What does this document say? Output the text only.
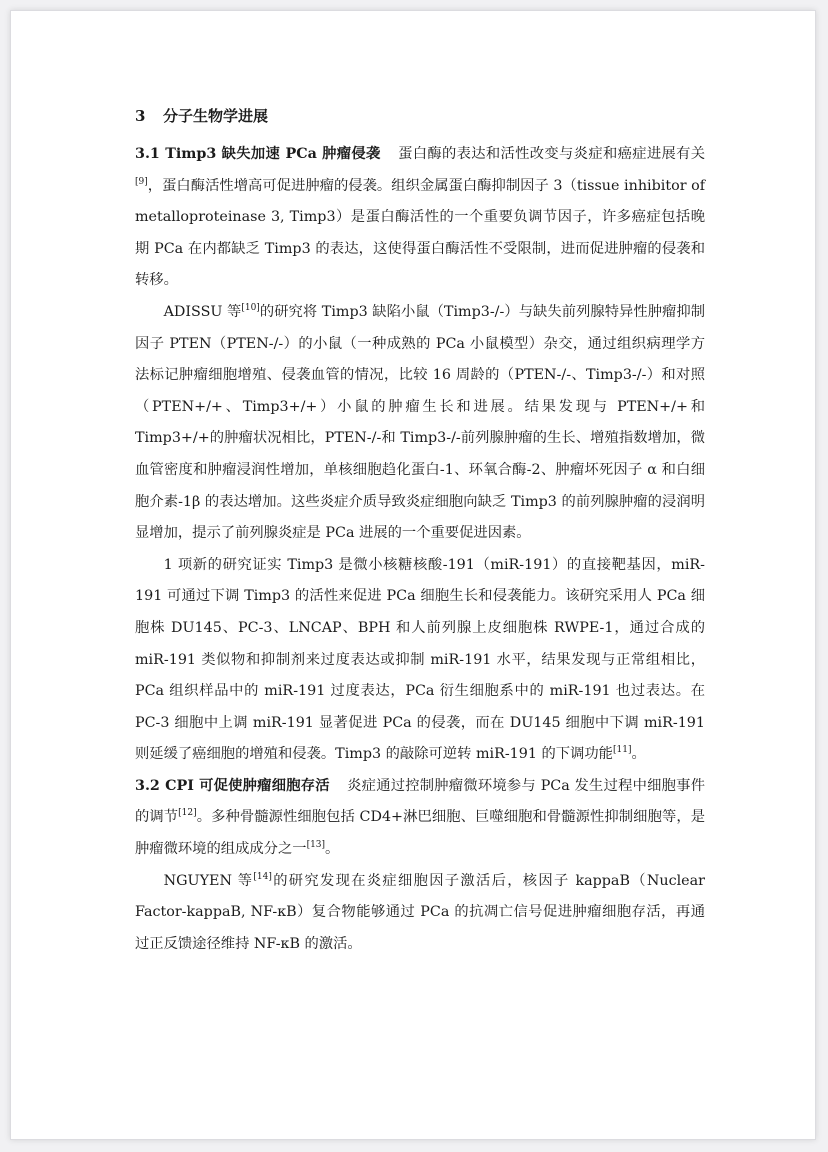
3 分子生物学进展

3.1 Timp3 缺失加速 PCa 肿瘤侵袭 蛋白酶的表达和活性改变与炎症和癌症进展有关[9]，蛋白酶活性增高可促进肿瘤的侵袭。组织金属蛋白酶抑制因子 3（tissue inhibitor of metalloproteinase 3, Timp3）是蛋白酶活性的一个重要负调节因子，许多癌症包括晚期 PCa 在内都缺乏 Timp3 的表达，这使得蛋白酶活性不受限制，进而促进肿瘤的侵袭和转移。

ADISSU 等[10]的研究将 Timp3 缺陷小鼠（Timp3-/-）与缺失前列腺特异性肿瘤抑制因子 PTEN（PTEN-/-）的小鼠（一种成熟的 PCa 小鼠模型）杂交，通过组织病理学方法标记肿瘤细胞增殖、侵袭血管的情况，比较 16 周龄的（PTEN-/-、Timp3-/-）和对照（PTEN+/+、Timp3+/+）小鼠的肿瘤生长和进展。结果发现与 PTEN+/+和 Timp3+/+的肿瘤状况相比，PTEN-/-和 Timp3-/-前列腺肿瘤的生长、增殖指数增加，微血管密度和肿瘤浸润性增加，单核细胞趋化蛋白-1、环氧合酶-2、肿瘤坏死因子 α 和白细胞介素-1β 的表达增加。这些炎症介质导致炎症细胞向缺乏 Timp3 的前列腺肿瘤的浸润明显增加，提示了前列腺炎症是 PCa 进展的一个重要促进因素。

1 项新的研究证实 Timp3 是微小核糖核酸-191（miR-191）的直接靶基因，miR-191 可通过下调 Timp3 的活性来促进 PCa 细胞生长和侵袭能力。该研究采用人 PCa 细胞株 DU145、PC-3、LNCAP、BPH 和人前列腺上皮细胞株 RWPE-1，通过合成的 miR-191 类似物和抑制剂来过度表达或抑制 miR-191 水平，结果发现与正常组相比，PCa 组织样品中的 miR-191 过度表达，PCa 衍生细胞系中的 miR-191 也过表达。在 PC-3 细胞中上调 miR-191 显著促进 PCa 的侵袭，而在 DU145 细胞中下调 miR-191 则延缓了癌细胞的增殖和侵袭。Timp3 的敲除可逆转 miR-191 的下调功能[11]。

3.2 CPI 可促使肿瘤细胞存活 炎症通过控制肿瘤微环境参与 PCa 发生过程中细胞事件的调节[12]。多种骨髓源性细胞包括 CD4+淋巴细胞、巨噬细胞和骨髓源性抑制细胞等，是肿瘤微环境的组成成分之一[13]。

NGUYEN 等[14]的研究发现在炎症细胞因子激活后，核因子 kappaB（Nuclear Factor-kappaB, NF-κB）复合物能够通过 PCa 的抗凋亡信号促进肿瘤细胞存活，再通过正反馈途径维持 NF-κB 的激活。
